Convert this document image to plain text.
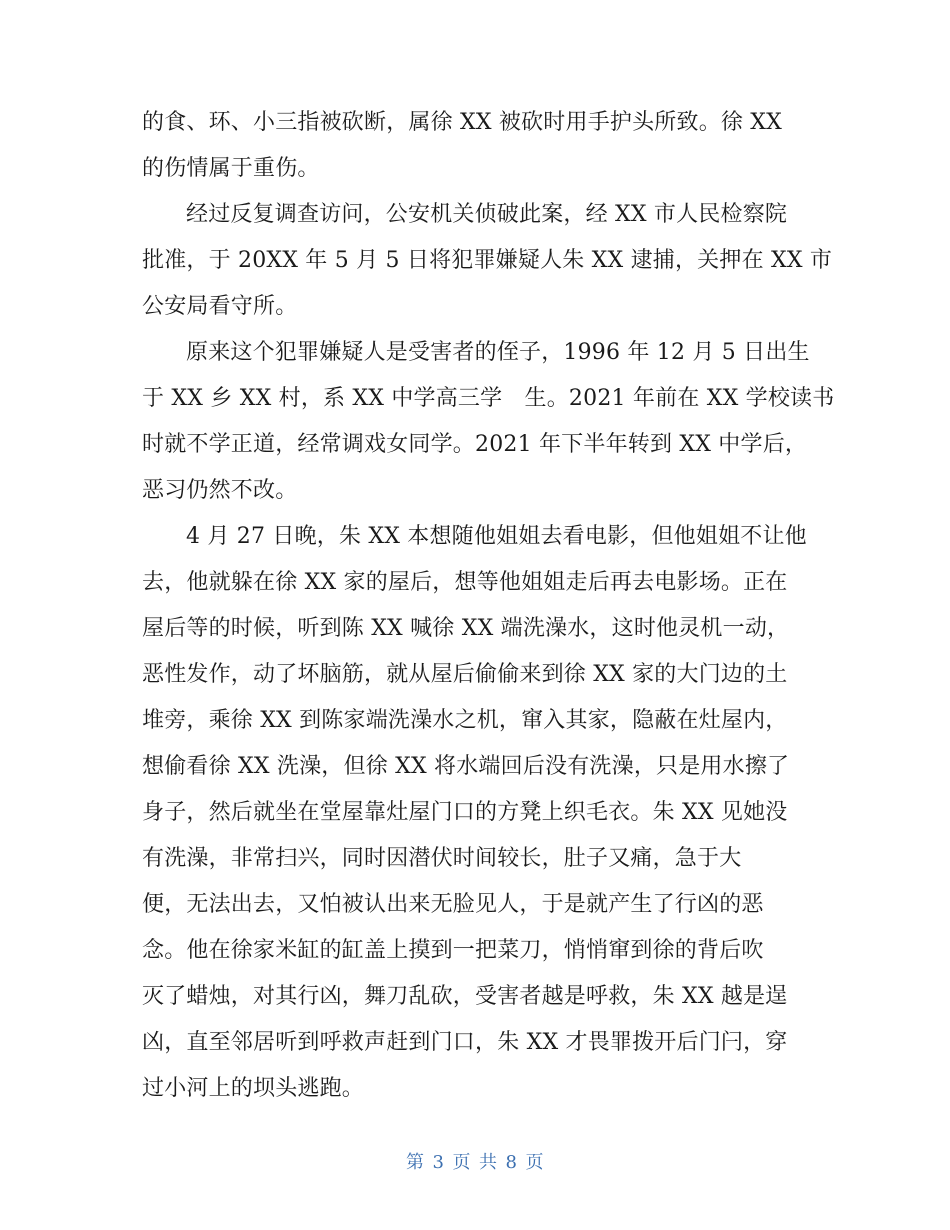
的食、环、小三指被砍断，属徐 XX 被砍时用手护头所致。徐 XX
的伤情属于重伤。
经过反复调查访问，公安机关侦破此案，经 XX 市人民检察院
批准，于 20XX 年 5 月 5 日将犯罪嫌疑人朱 XX 逮捕，关押在 XX 市
公安局看守所。
原来这个犯罪嫌疑人是受害者的侄子，1996 年 12 月 5 日出生
于 XX 乡 XX 村，系 XX 中学高三学　生。2021 年前在 XX 学校读书
时就不学正道，经常调戏女同学。2021 年下半年转到 XX 中学后，
恶习仍然不改。
4 月 27 日晚，朱 XX 本想随他姐姐去看电影，但他姐姐不让他
去，他就躲在徐 XX 家的屋后，想等他姐姐走后再去电影场。正在
屋后等的时候，听到陈 XX 喊徐 XX 端洗澡水，这时他灵机一动，
恶性发作，动了坏脑筋，就从屋后偷偷来到徐 XX 家的大门边的土
堆旁，乘徐 XX 到陈家端洗澡水之机，窜入其家，隐蔽在灶屋内，
想偷看徐 XX 洗澡，但徐 XX 将水端回后没有洗澡，只是用水擦了
身子，然后就坐在堂屋靠灶屋门口的方凳上织毛衣。朱 XX 见她没
有洗澡，非常扫兴，同时因潜伏时间较长，肚子又痛，急于大
便，无法出去，又怕被认出来无脸见人，于是就产生了行凶的恶
念。他在徐家米缸的缸盖上摸到一把菜刀，悄悄窜到徐的背后吹
灭了蜡烛，对其行凶，舞刀乱砍，受害者越是呼救，朱 XX 越是逞
凶，直至邻居听到呼救声赶到门口，朱 XX 才畏罪拨开后门闩，穿
过小河上的坝头逃跑。
第 3 页 共 8 页
